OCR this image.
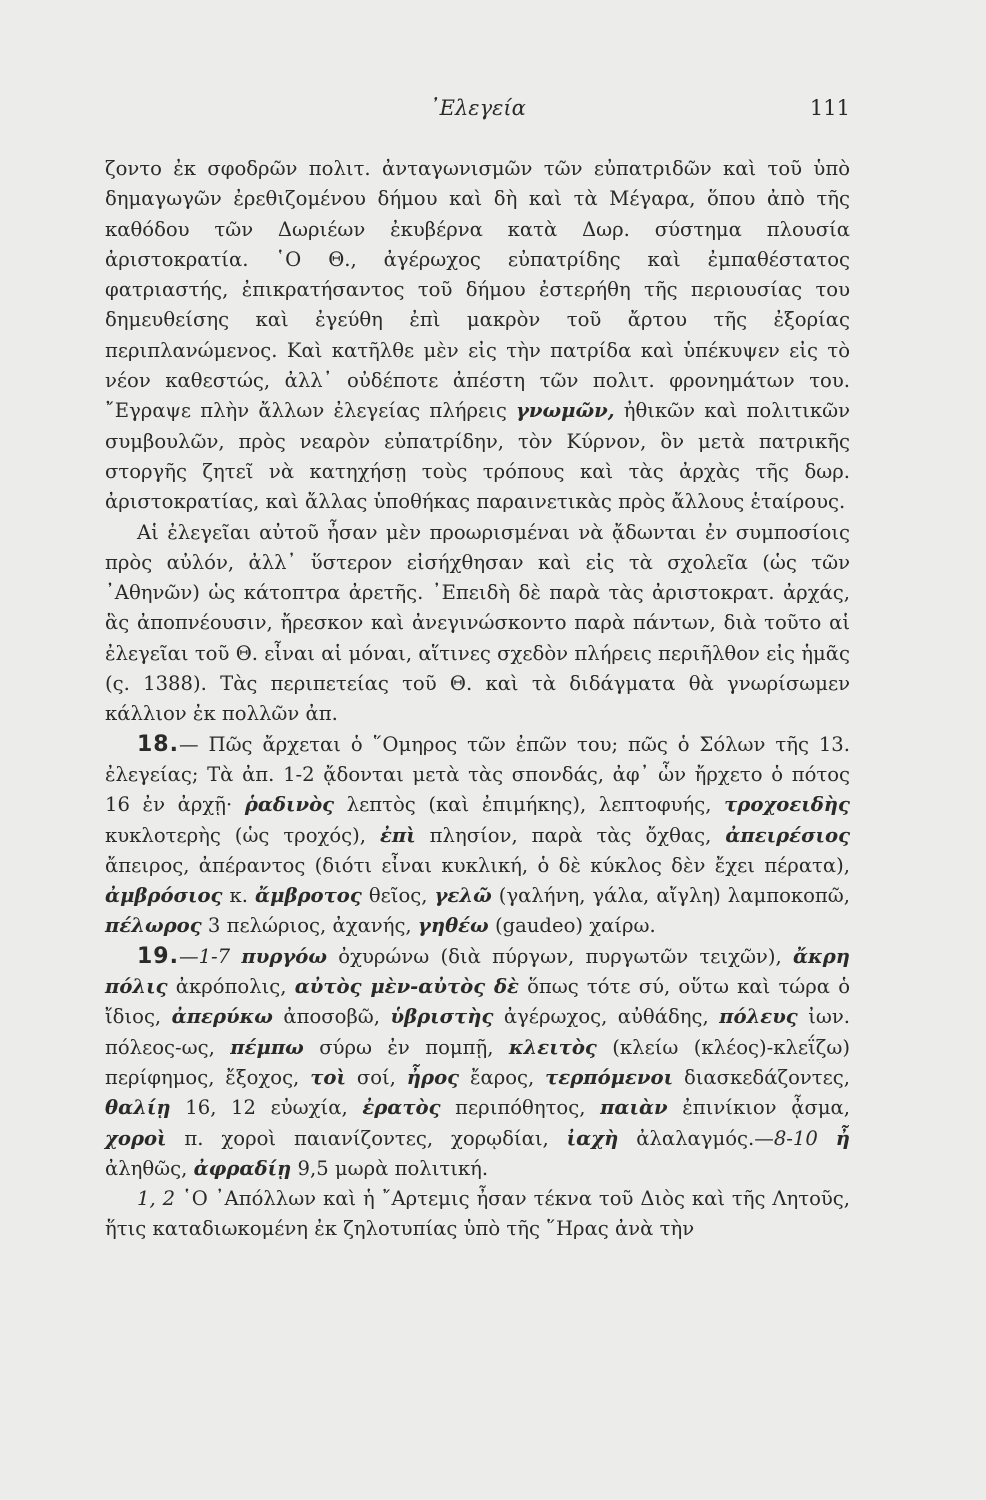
᾿Ελεγεία	111

ζοντο ἐκ σφοδρῶν πολιτ. ἀνταγωνισμῶν τῶν εὐπατριδῶν καὶ τοῦ ὑπὸ δημαγωγῶν ἐρεθιζομένου δήμου καὶ δὴ καὶ τὰ Μέγαρα, ὅπου ἀπὸ τῆς καθόδου τῶν Δωριέων ἐκυβέρνα κατὰ Δωρ. σύστημα πλουσία ἀριστοκρατία. ῾Ο Θ., ἀγέρωχος εὐπατρίδης καὶ ἐμπαθέστατος φατριαστής, ἐπικρατήσαντος τοῦ δήμου ἐστερήθη τῆς περιουσίας του δημευθείσης καὶ ἐγεύθη ἐπὶ μακρὸν τοῦ ἄρτου τῆς ἐξορίας περιπλανώμενος. Καὶ κατῆλθε μὲν εἰς τὴν πατρίδα καὶ ὑπέκυψεν εἰς τὸ νέον καθεστώς, ἀλλ᾽ οὐδέποτε ἀπέστη τῶν πολιτ. φρονημάτων του. ῎Εγραψε πλὴν ἄλλων ἐλεγείας πλήρεις γνωμῶν, ἠθικῶν καὶ πολιτικῶν συμβουλῶν, πρὸς νεαρὸν εὐπατρίδην, τὸν Κύρνον, ὃν μετὰ πατρικῆς στοργῆς ζητεῖ νὰ κατηχήσῃ τοὺς τρόπους καὶ τὰς ἀρχὰς τῆς δωρ. ἀριστοκρατίας, καὶ ἄλλας ὑποθήκας παραινετικὰς πρὸς ἄλλους ἑταίρους.

Αἱ ἐλεγεῖαι αὐτοῦ ἦσαν μὲν προωρισμέναι νὰ ᾄδωνται ἐν συμποσίοις πρὸς αὐλόν, ἀλλ᾽ ὕστερον εἰσήχθησαν καὶ εἰς τὰ σχολεῖα (ὡς τῶν ᾿Αθηνῶν) ὡς κάτοπτρα ἀρετῆς. ᾿Επειδὴ δὲ παρὰ τὰς ἀριστοκρατ. ἀρχάς, ἃς ἀποπνέουσιν, ἤρεσκον καὶ ἀνεγινώσκοντο παρὰ πάντων, διὰ τοῦτο αἱ ἐλεγεῖαι τοῦ Θ. εἶναι αἱ μόναι, αἵτινες σχεδὸν πλήρεις περιῆλθον εἰς ἡμᾶς (ς. 1388). Τὰς περιπετείας τοῦ Θ. καὶ τὰ διδάγματα θὰ γνωρίσωμεν κάλλιον ἐκ πολλῶν ἀπ.

18.— Πῶς ἄρχεται ὁ ῞Ομηρος τῶν ἐπῶν του; πῶς ὁ Σόλων τῆς 13. ἐλεγείας; Τὰ ἀπ. 1-2 ᾄδονται μετὰ τὰς σπονδάς, ἀφ᾽ ὧν ἤρχετο ὁ πότος 16 ἐν ἀρχῇ· ῥαδινὸς λεπτὸς (καὶ ἐπιμήκης), λεπτοφυής, τροχοειδὴς κυκλοτερὴς (ὡς τροχός), ἐπὶ πλησίον, παρὰ τὰς ὄχθας, ἀπειρέσιος ἄπειρος, ἀπέραντος (διότι εἶναι κυκλική, ὁ δὲ κύκλος δὲν ἔχει πέρατα), ἀμβρόσιος κ. ἄμβροτος θεῖος, γελῶ (γαλήνη, γάλα, αἴγλη) λαμποκοπῶ, πέλωρος 3 πελώριος, ἀχανής, γηθέω (gaudeo) χαίρω.

19.—1-7 πυργόω ὀχυρώνω (διὰ πύργων, πυργωτῶν τειχῶν), ἄκρη πόλις ἀκρόπολις, αὐτὸς μὲν-αὐτὸς δὲ ὅπως τότε σύ, οὕτω καὶ τώρα ὁ ἴδιος, ἀπερύκω ἀποσοβῶ, ὑβριστὴς ἀγέρωχος, αὐθάδης, πόλευς ἰων. πόλεος-ως, πέμπω σύρω ἐν πομπῇ, κλειτὸς (κλείω (κλέος)-κλεΐζω) περίφημος, ἔξοχος, τοὶ σοί, ἦρος ἔαρος, τερπόμενοι διασκεδάζοντες, θαλίῃ 16, 12 εὐωχία, ἐρατὸς περιπόθητος, παιὰν ἐπινίκιον ᾆσμα, χοροὶ π. χοροὶ παιανίζοντες, χορῳδίαι, ἰαχὴ ἀλαλαγμός.—8-10 ἦ ἀληθῶς, ἀφραδίῃ 9,5 μωρὰ πολιτική.

1, 2 ῾Ο ᾿Απόλλων καὶ ἡ ῎Αρτεμις ἦσαν τέκνα τοῦ Διὸς καὶ τῆς Λητοῦς, ἥτις καταδιωκομένη ἐκ ζηλοτυπίας ὑπὸ τῆς ῞Ηρας ἀνὰ τὴν
